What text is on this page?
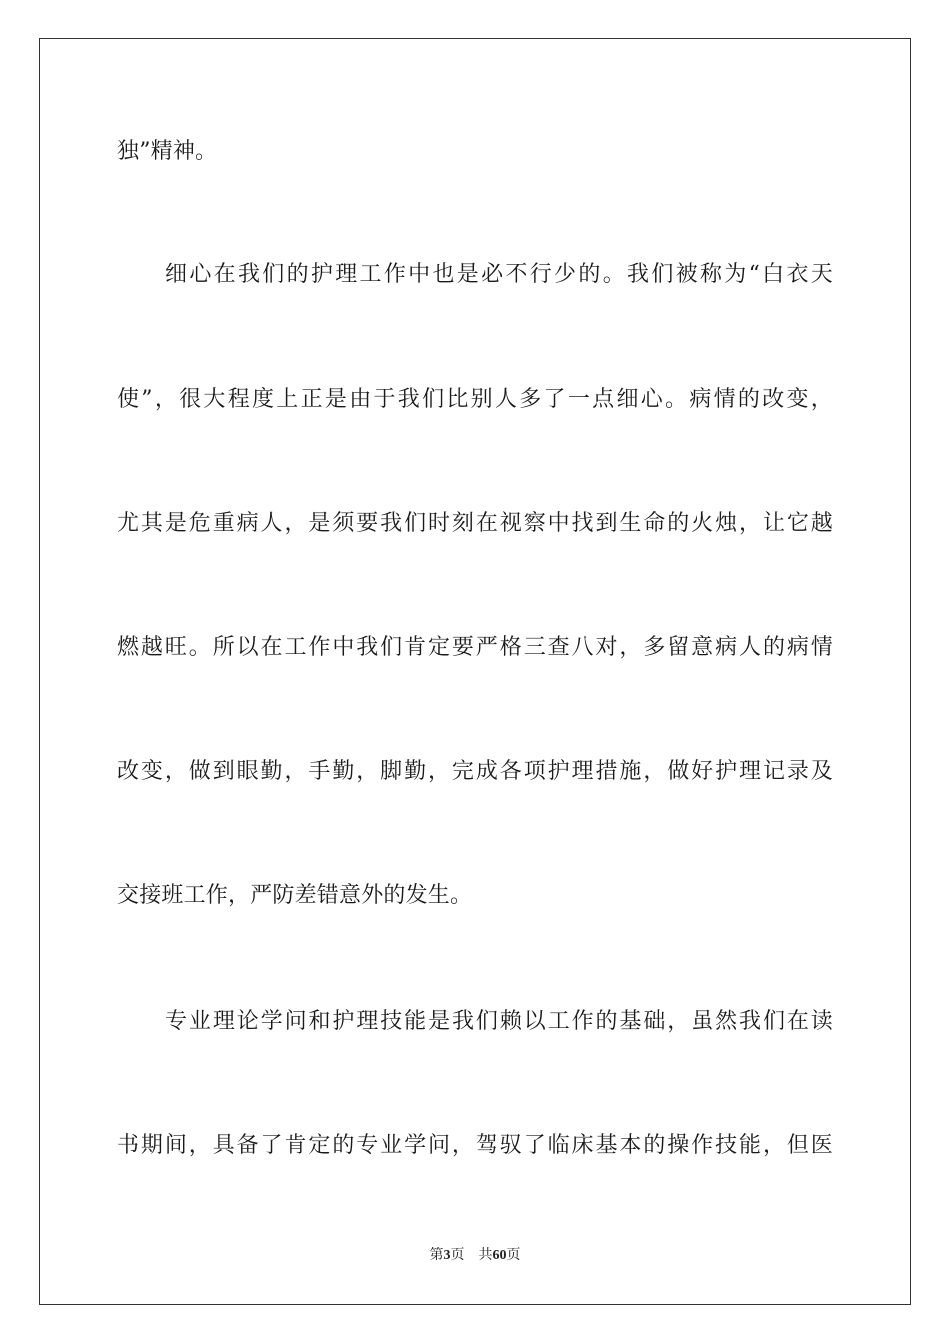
独”精神。
细心在我们的护理工作中也是必不行少的。我们被称为“白衣天
使”，很大程度上正是由于我们比别人多了一点细心。病情的改变，
尤其是危重病人，是须要我们时刻在视察中找到生命的火烛，让它越
燃越旺。所以在工作中我们肯定要严格三查八对，多留意病人的病情
改变，做到眼勤，手勤，脚勤，完成各项护理措施，做好护理记录及
交接班工作，严防差错意外的发生。
专业理论学问和护理技能是我们赖以工作的基础，虽然我们在读
书期间，具备了肯定的专业学问，驾驭了临床基本的操作技能，但医
第3页 共60页
